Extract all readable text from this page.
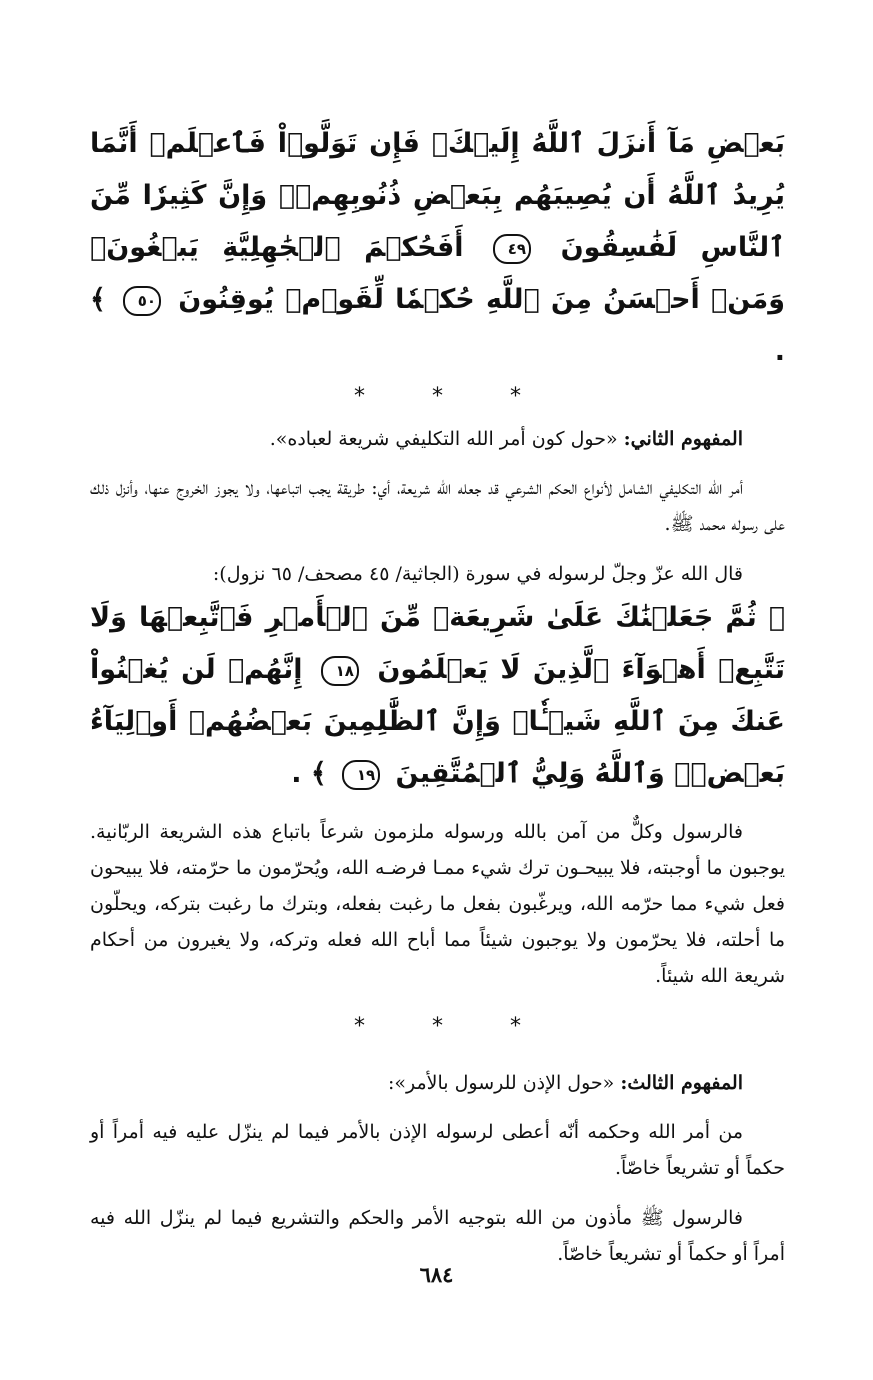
بَعۡضِ مَآ أَنزَلَ ٱللَّهُ إِلَيۡكَۖ فَإِن تَوَلَّوۡاْ فَٱعۡلَمۡ أَنَّمَا يُرِيدُ ٱللَّهُ أَن يُصِيبَهُم بِبَعۡضِ ذُنُوبِهِمۡۗ وَإِنَّ كَثِيرٗا مِّنَ ٱلنَّاسِ لَفَٰسِقُونَ ٤٩ أَفَحُكۡمَ ٱلۡجَٰهِلِيَّةِ يَبۡغُونَۚ وَمَنۡ أَحۡسَنُ مِنَ ٱللَّهِ حُكۡمٗا لِّقَوۡمٖ يُوقِنُونَ ٥٠ ﴾ .
* * *

المفهوم الثاني: «حول كون أمر الله التكليفي شريعة لعباده».

أمر الله التكليفي الشامل لأنواع الحكم الشرعي قد جعله الله شريعة، أي: طريقة يجب اتباعها، ولا يجوز الخروج عنها، وأنزل ذلك على رسوله محمد ﷺ.

قال الله عزّ وجلّ لرسوله في سورة (الجاثية/ ٤٥ مصحف/ ٦٥ نزول):

﴿ ثُمَّ جَعَلۡنَٰكَ عَلَىٰ شَرِيعَةٖ مِّنَ ٱلۡأَمۡرِ فَٱتَّبِعۡهَا وَلَا تَتَّبِعۡ أَهۡوَآءَ ٱلَّذِينَ لَا يَعۡلَمُونَ ١٨ إِنَّهُمۡ لَن يُغۡنُواْ عَنكَ مِنَ ٱللَّهِ شَيۡـٔٗاۚ وَإِنَّ ٱلظَّٰلِمِينَ بَعۡضُهُمۡ أَوۡلِيَآءُ بَعۡضٖۖ وَٱللَّهُ وَلِيُّ ٱلۡمُتَّقِينَ ١٩ ﴾ .

فالرسول وكلٌّ من آمن بالله ورسوله ملزمون شرعاً باتباع هذه الشريعة الربّانية. يوجبون ما أوجبته، فلا يبيحـون ترك شيء ممـا فرضـه الله، ويُحرّمون ما حرّمته، فلا يبيحون فعل شيء مما حرّمه الله، ويرغّبون بفعل ما رغبت بفعله، وبترك ما رغبت بتركه، ويحلّون ما أحلته، فلا يحرّمون ولا يوجبون شيئاً مما أباح الله فعله وتركه، ولا يغيرون من أحكام شريعة الله شيئاً.

* * *

المفهوم الثالث: «حول الإذن للرسول بالأمر»:

من أمر الله وحكمه أنّه أعطى لرسوله الإذن بالأمر فيما لم ينزّل عليه فيه أمراً أو حكماً أو تشريعاً خاصّاً.

فالرسول ﷺ مأذون من الله بتوجيه الأمر والحكم والتشريع فيما لم ينزّل الله فيه أمراً أو حكماً أو تشريعاً خاصّاً.

٦٨٤
